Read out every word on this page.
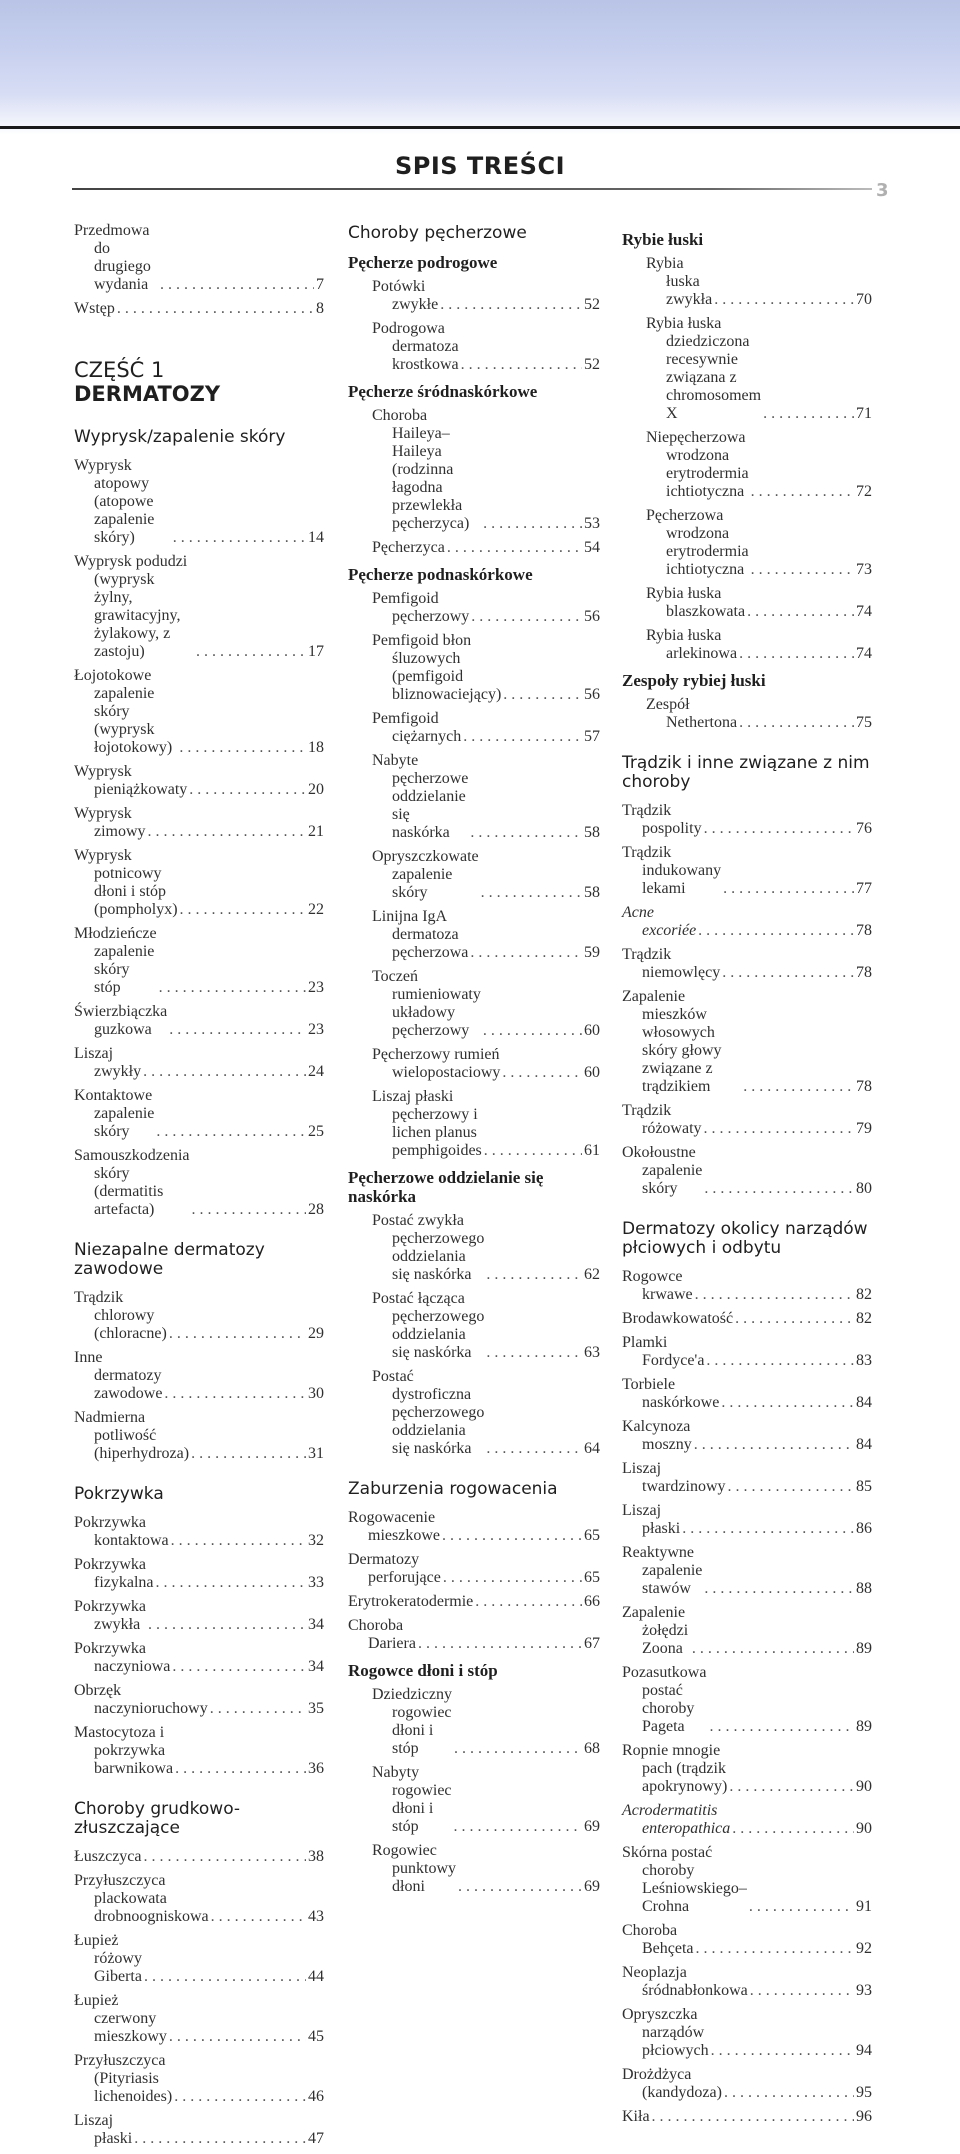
SPIS TREŚCI
3
Przedmowa do drugiego wydania . . .	7
Wstęp . . .	8
CZĘŚĆ 1
DERMATOZY
Wyprysk/zapalenie skóry
Wyprysk atopowy (atopowe zapalenie skóry) . . .	14
Wyprysk podudzi (wyprysk żylny, grawitacyjny, żylakowy, z zastoju) . . .	17
Łojotokowe zapalenie skóry (wyprysk łojotokowy) . . .	18
Wyprysk pieniążkowaty . . .	20
Wyprysk zimowy . . .	21
Wyprysk potnicowy dłoni i stóp (pompholyx) . . .	22
Młodzieńcze zapalenie skóry stóp . . .	23
Świerzbiączka guzkowa . . .	23
Liszaj zwykły . . .	24
Kontaktowe zapalenie skóry . . .	25
Samouszkodzenia skóry (dermatitis artefacta) . . .	28
Niezapalne dermatozy zawodowe
Trądzik chlorowy (chloracne) . . .	29
Inne dermatozy zawodowe . . .	30
Nadmierna potliwość (hiperhydroza) . . .	31
Pokrzywka
Pokrzywka kontaktowa . . .	32
Pokrzywka fizykalna . . .	33
Pokrzywka zwykła . . .	34
Pokrzywka naczyniowa . . .	34
Obrzęk naczynioruchowy . . .	35
Mastocytoza i pokrzywka barwnikowa . . .	36
Choroby grudkowo-złuszczające
Łuszczyca . . .	38
Przyłuszczyca plackowata drobnoogniskowa . . .	43
Łupież różowy Giberta . . .	44
Łupież czerwony mieszkowy . . .	45
Przyłuszczyca (Pityriasis lichenoides) . . .	46
Liszaj płaski . . .	47
Choroby pęcherzowe
Pęcherze podrogowe
Potówki zwykłe . . .	52
Podrogowa dermatoza krostkowa . . .	52
Pęcherze śródnaskórkowe
Choroba Haileya–Haileya (rodzinna łagodna przewlekła pęcherzyca) . . .	53
Pęcherzyca . . .	54
Pęcherze podnaskórkowe
Pemfigoid pęcherzowy . . .	56
Pemfigoid błon śluzowych (pemfigoid bliznowaciejący) . . .	56
Pemfigoid ciężarnych . . .	57
Nabyte pęcherzowe oddzielanie się naskórka . . .	58
Opryszczkowate zapalenie skóry . . .	58
Linijna IgA dermatoza pęcherzowa . . .	59
Toczeń rumieniowaty układowy pęcherzowy . . .	60
Pęcherzowy rumień wielopostaciowy . . .	60
Liszaj płaski pęcherzowy i lichen planus pemphigoides . . .	61
Pęcherzowe oddzielanie się naskórka
Postać zwykła pęcherzowego oddzielania się naskórka . . .	62
Postać łącząca pęcherzowego oddzielania się naskórka . . .	63
Postać dystroficzna pęcherzowego oddzielania się naskórka . . .	64
Zaburzenia rogowacenia
Rogowacenie mieszkowe . . .	65
Dermatozy perforujące . . .	65
Erytrokeratodermie . . .	66
Choroba Dariera . . .	67
Rogowce dłoni i stóp
Dziedziczny rogowiec dłoni i stóp . . .	68
Nabyty rogowiec dłoni i stóp . . .	69
Rogowiec punktowy dłoni . . .	69
Rybie łuski
Rybia łuska zwykła . . .	70
Rybia łuska dziedziczona recesywnie związana z chromosomem X . . .	71
Niepęcherzowa wrodzona erytrodermia ichtiotyczna . . .	72
Pęcherzowa wrodzona erytrodermia ichtiotyczna . . .	73
Rybia łuska blaszkowata . . .	74
Rybia łuska arlekinowa . . .	74
Zespoły rybiej łuski
Zespół Nethertona . . .	75
Trądzik i inne związane z nim choroby
Trądzik pospolity . . .	76
Trądzik indukowany lekami . . .	77
Acne excoriée . . .	78
Trądzik niemowlęcy . . .	78
Zapalenie mieszków włosowych skóry głowy związane z trądzikiem . . .	78
Trądzik różowaty . . .	79
Okołoustne zapalenie skóry . . .	80
Dermatozy okolicy narządów płciowych i odbytu
Rogowce krwawe . . .	82
Brodawkowatość . . .	82
Plamki Fordyce'a . . .	83
Torbiele naskórkowe . . .	84
Kalcynoza moszny . . .	84
Liszaj twardzinowy . . .	85
Liszaj płaski . . .	86
Reaktywne zapalenie stawów . . .	88
Zapalenie żołędzi Zoona . . .	89
Pozasutkowa postać choroby Pageta . . .	89
Ropnie mnogie pach (trądzik apokrynowy) . . .	90
Acrodermatitis enteropathica . . .	90
Skórna postać choroby Leśniowskiego–Crohna . . .	91
Choroba Behçeta . . .	92
Neoplazja śródnabłonkowa . . .	93
Opryszczka narządów płciowych . . .	94
Drożdżyca (kandydoza) . . .	95
Kiła . . .	96
